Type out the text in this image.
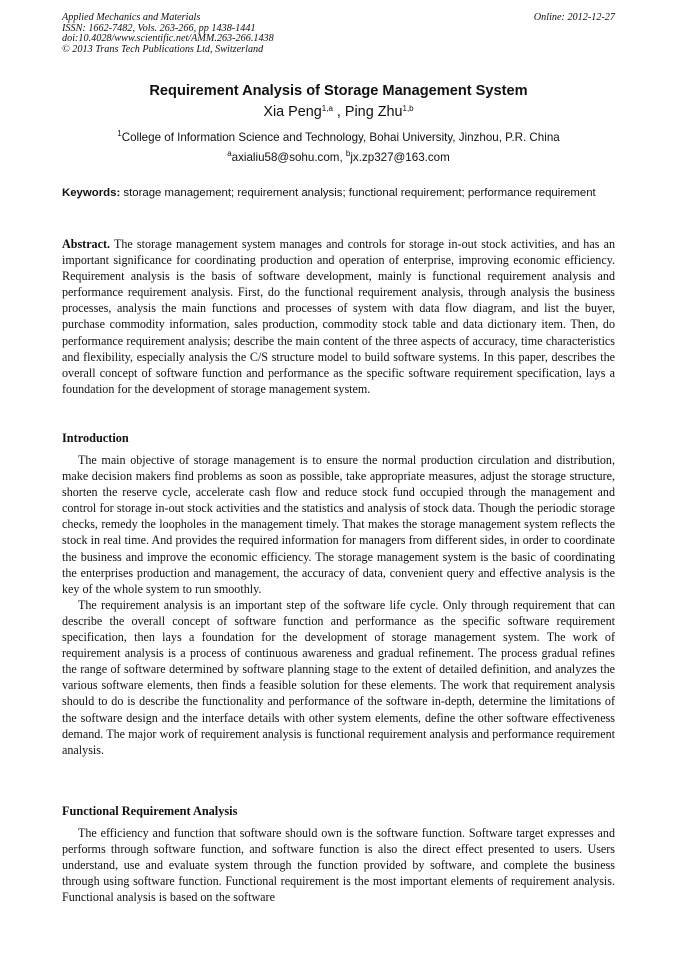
Applied Mechanics and Materials
ISSN: 1662-7482, Vols. 263-266, pp 1438-1441
doi:10.4028/www.scientific.net/AMM.263-266.1438
© 2013 Trans Tech Publications Ltd, Switzerland
Online: 2012-12-27
Requirement Analysis of Storage Management System
Xia Peng$^{1,a}$ , Ping Zhu$^{1,b}$
$^1$College of Information Science and Technology, Bohai University, Jinzhou, P.R. China
$^a$axialiu58@sohu.com, $^b$jx.zp327@163.com
Keywords: storage management; requirement analysis; functional requirement; performance requirement

Abstract. The storage management system manages and controls for storage in-out stock activities, and has an important significance for coordinating production and operation of enterprise, improving economic efficiency. Requirement analysis is the basis of software development, mainly is functional requirement analysis and performance requirement analysis. First, do the functional requirement analysis, through analysis the business processes, analysis the main functions and processes of system with data flow diagram, and list the buyer, purchase commodity information, sales production, commodity stock table and data dictionary item. Then, do performance requirement analysis; describe the main content of the three aspects of accuracy, time characteristics and flexibility, especially analysis the C/S structure model to build software systems. In this paper, describes the overall concept of software function and performance as the specific software requirement specification, lays a foundation for the development of storage management system.

Introduction

The main objective of storage management is to ensure the normal production circulation and distribution, make decision makers find problems as soon as possible, take appropriate measures, adjust the storage structure, shorten the reserve cycle, accelerate cash flow and reduce stock fund occupied through the management and control for storage in-out stock activities and the statistics and analysis of stock data. Though the periodic storage checks, remedy the loopholes in the management timely. That makes the storage management system reflects the stock in real time. And provides the required information for managers from different sides, in order to coordinate the business and improve the economic efficiency. The storage management system is the basic of coordinating the enterprises production and management, the accuracy of data, convenient query and effective analysis is the key of the whole system to run smoothly.

The requirement analysis is an important step of the software life cycle. Only through requirement that can describe the overall concept of software function and performance as the specific software requirement specification, then lays a foundation for the development of storage management system. The work of requirement analysis is a process of continuous awareness and gradual refinement. The process gradual refines the range of software determined by software planning stage to the extent of detailed definition, and analyzes the various software elements, then finds a feasible solution for these elements. The work that requirement analysis should to do is describe the functionality and performance of the software in-depth, determine the limitations of the software design and the interface details with other system elements, define the other software effectiveness demand. The major work of requirement analysis is functional requirement analysis and performance requirement analysis.

Functional Requirement Analysis

The efficiency and function that software should own is the software function. Software target expresses and performs through software function, and software function is also the direct effect presented to users. Users understand, use and evaluate system through the function provided by software, and complete the business through using software function. Functional requirement is the most important elements of requirement analysis. Functional analysis is based on the software
